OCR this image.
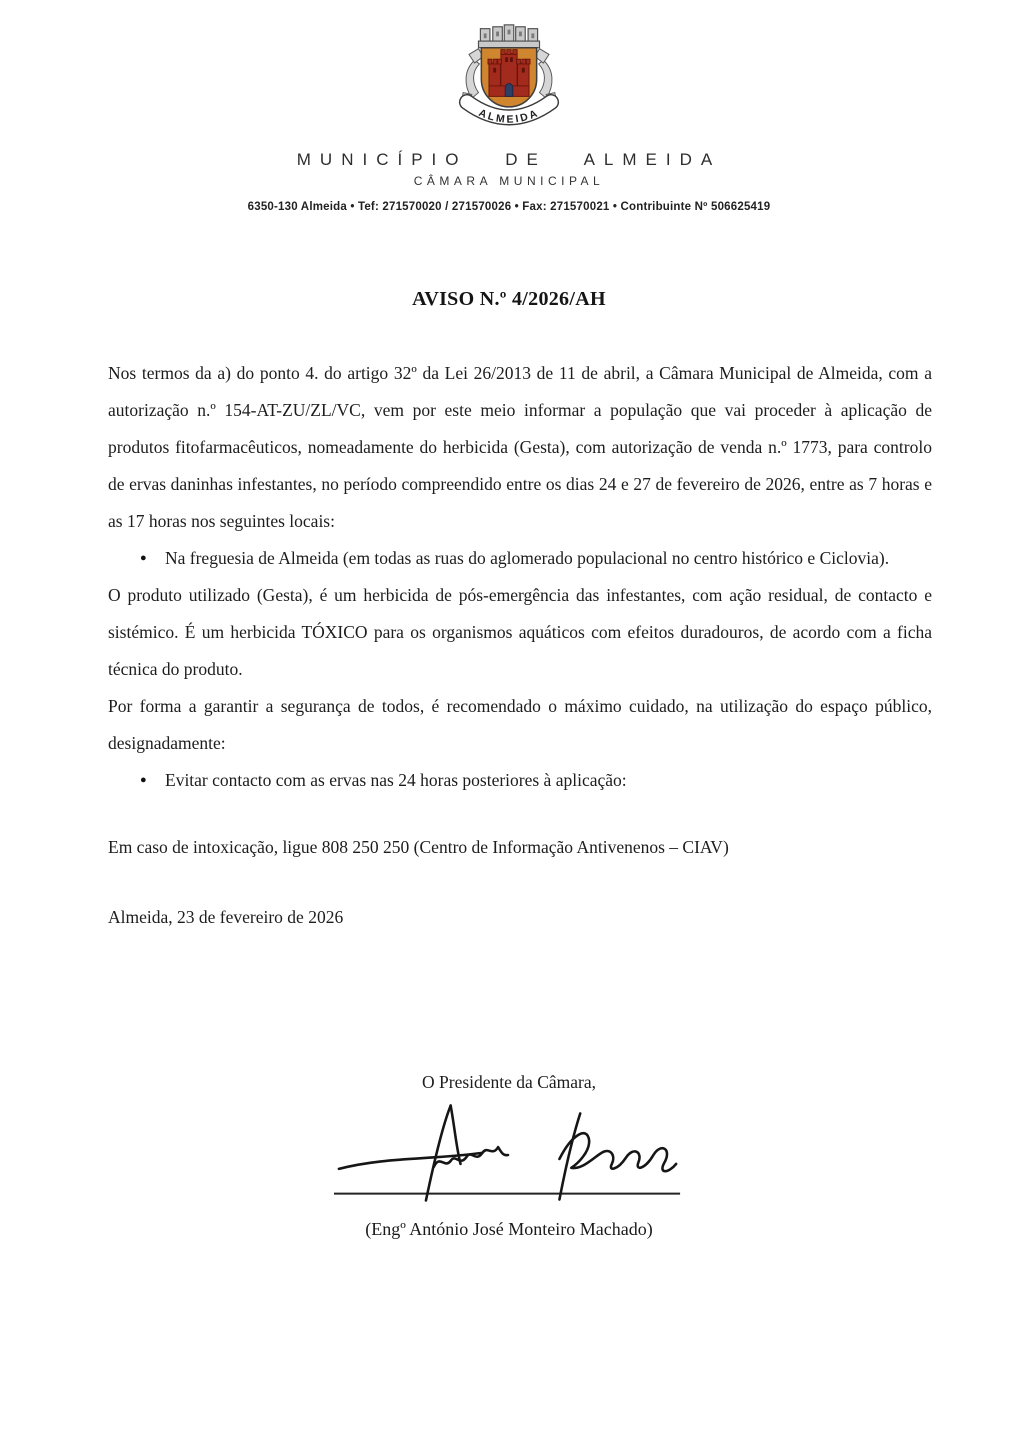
ALMEIDA
MUNICÍPIO DE ALMEIDA
CÂMARA MUNICIPAL
6350-130 Almeida • Tef: 271570020 / 271570026 • Fax: 271570021 • Contribuinte Nº 506625419
AVISO N.º 4/2026/AH

Nos termos da a) do ponto 4. do artigo 32º da Lei 26/2013 de 11 de abril, a Câmara Municipal de Almeida, com a autorização n.º 154-AT-ZU/ZL/VC, vem por este meio informar a população que vai proceder à aplicação de produtos fitofarmacêuticos, nomeadamente do herbicida (Gesta), com autorização de venda n.º 1773, para controlo de ervas daninhas infestantes, no período compreendido entre os dias 24 e 27 de fevereiro de 2026, entre as 7 horas e as 17 horas nos seguintes locais:

● Na freguesia de Almeida (em todas as ruas do aglomerado populacional no centro histórico e Ciclovia).

O produto utilizado (Gesta), é um herbicida de pós-emergência das infestantes, com ação residual, de contacto e sistémico. É um herbicida TÓXICO para os organismos aquáticos com efeitos duradouros, de acordo com a ficha técnica do produto.

Por forma a garantir a segurança de todos, é recomendado o máximo cuidado, na utilização do espaço público, designadamente:

● Evitar contacto com as ervas nas 24 horas posteriores à aplicação:

Em caso de intoxicação, ligue 808 250 250 (Centro de Informação Antivenenos – CIAV)

Almeida, 23 de fevereiro de 2026

O Presidente da Câmara,

(Engº António José Monteiro Machado)
